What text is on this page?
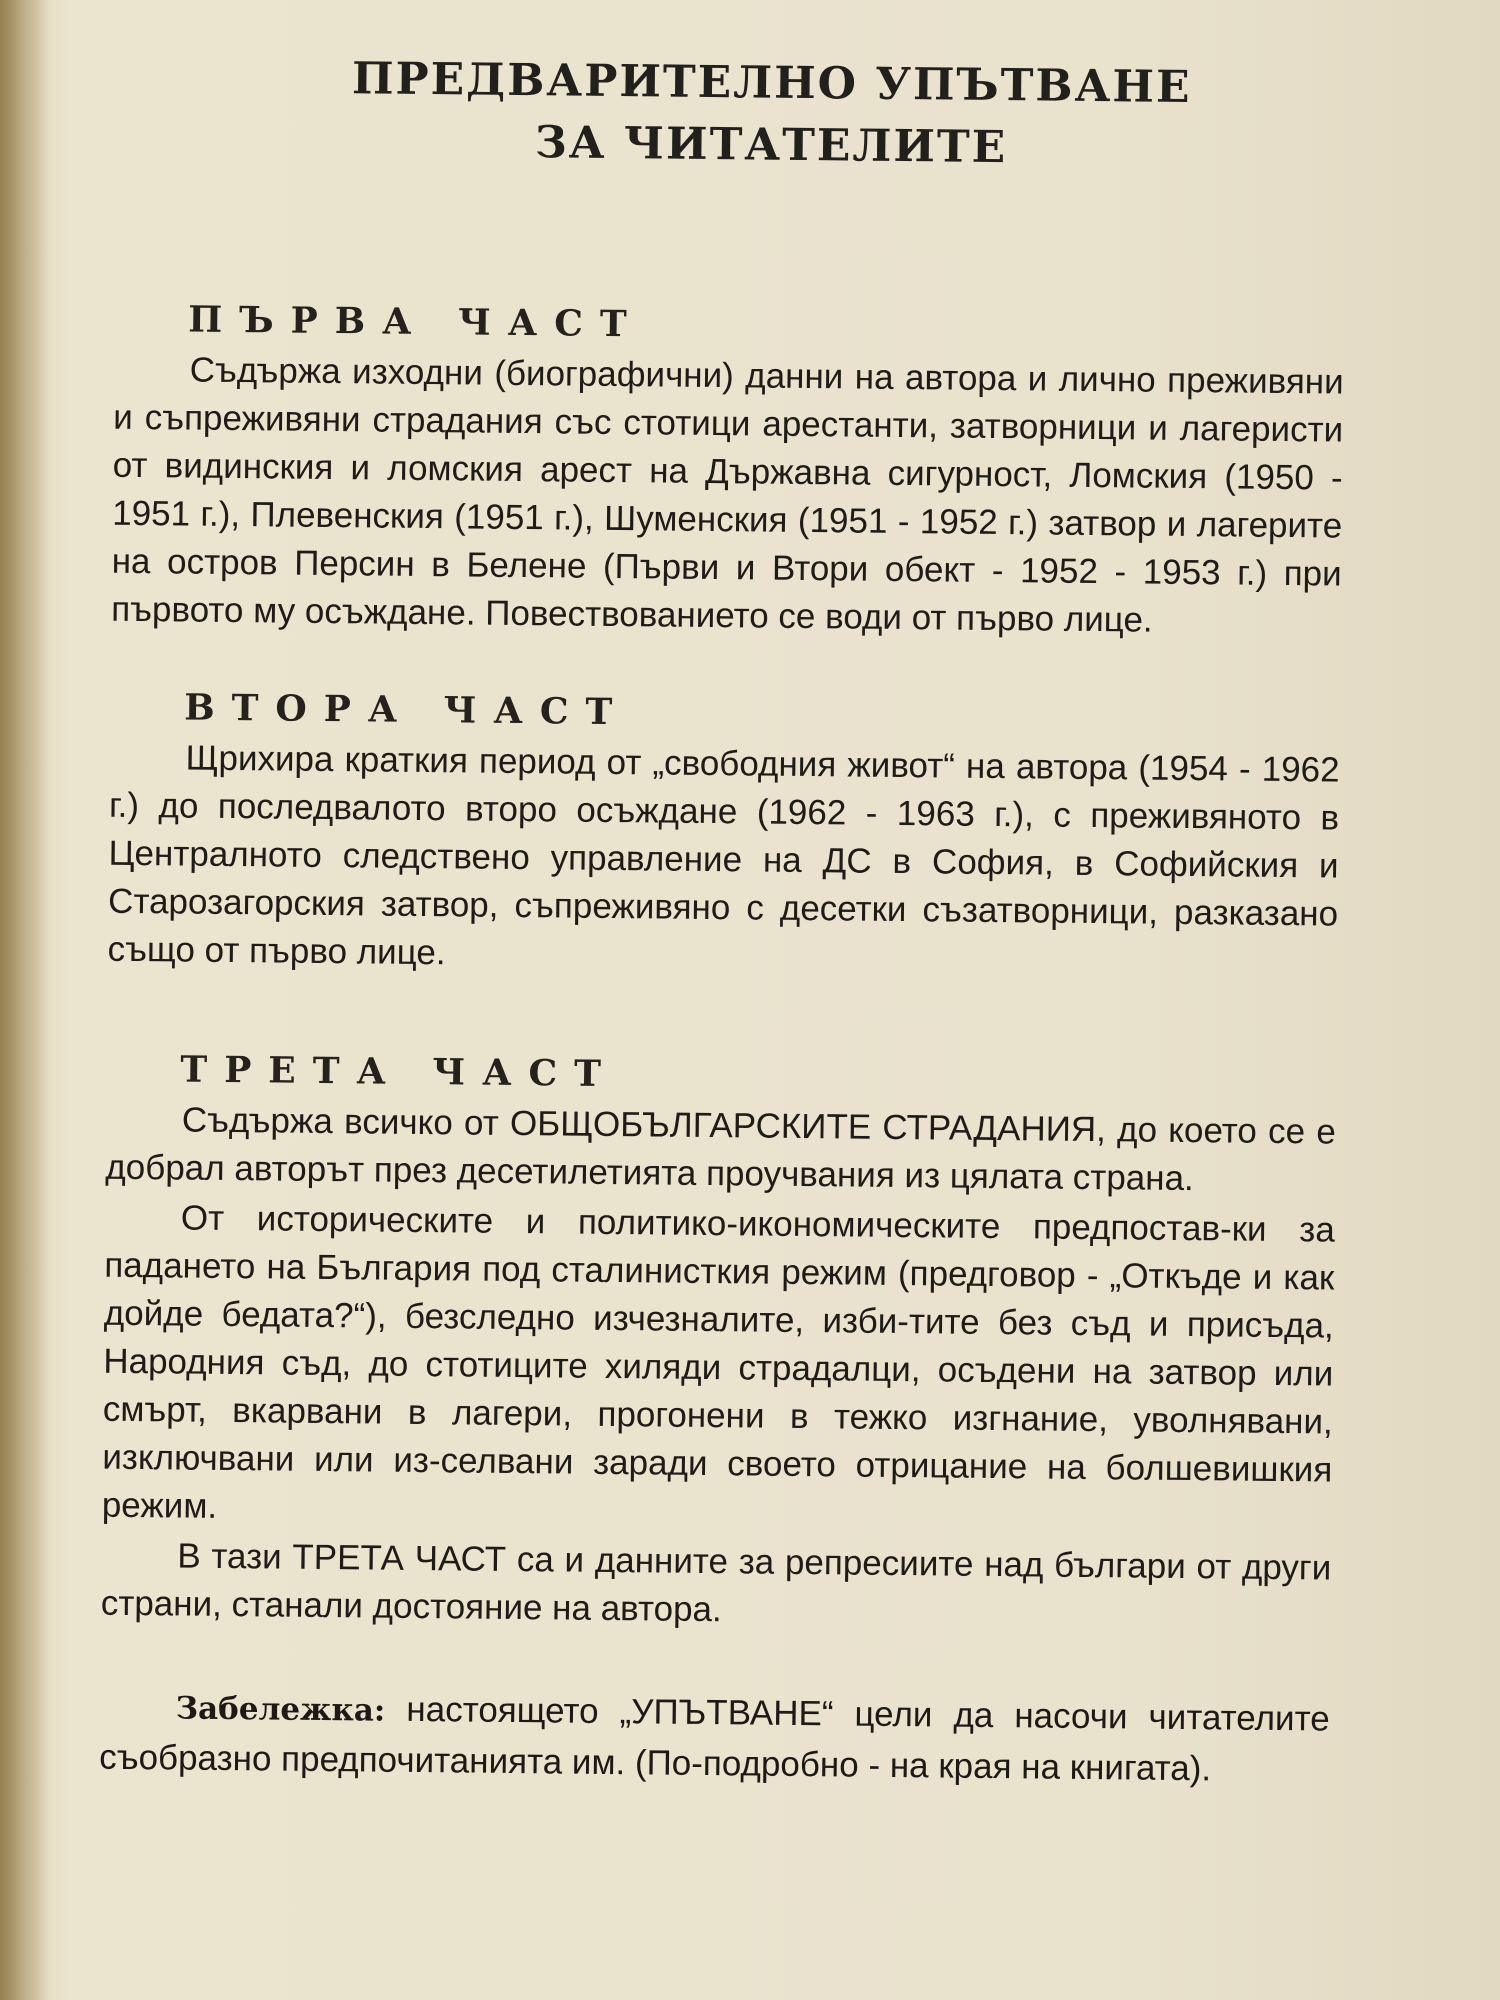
ПРЕДВАРИТЕЛНО УПЪТВАНЕ
ЗА ЧИТАТЕЛИТЕ
ПЪРВА ЧАСТ

Съдържа изходни (биографични) данни на автора и лично преживяни и съпреживяни страдания със стотици арестанти, затворници и лагеристи от видинския и ломския арест на Държавна сигурност, Ломския (1950 - 1951 г.), Плевенския (1951 г.), Шуменския (1951 - 1952 г.) затвор и лагерите на остров Персин в Белене (Първи и Втори обект - 1952 - 1953 г.) при първото му осъждане. Повествованието се води от първо лице.

ВТОРА ЧАСТ

Щрихира краткия период от „свободния живот“ на автора (1954 - 1962 г.) до последвалото второ осъждане (1962 - 1963 г.), с преживяното в Централното следствено управление на ДС в София, в Софийския и Старозагорския затвор, съпреживяно с десетки съзатворници, разказано също от първо лице.

ТРЕТА ЧАСТ

Съдържа всичко от ОБЩОБЪЛГАРСКИТЕ СТРАДАНИЯ, до което се е добрал авторът през десетилетията проучвания из цялата страна.

От историческите и политико-икономическите предпостав-ки за падането на България под сталинисткия режим (предговор - „Откъде и как дойде бедата?“), безследно изчезналите, изби-тите без съд и присъда, Народния съд, до стотиците хиляди страдалци, осъдени на затвор или смърт, вкарвани в лагери, прогонени в тежко изгнание, уволнявани, изключвани или из-селвани заради своето отрицание на болшевишкия режим.

В тази ТРЕТА ЧАСТ са и данните за репресиите над българи от други страни, станали достояние на автора.

Забележка: настоящето „УПЪТВАНЕ“ цели да насочи читателите съобразно предпочитанията им. (По-подробно - на края на книгата).
